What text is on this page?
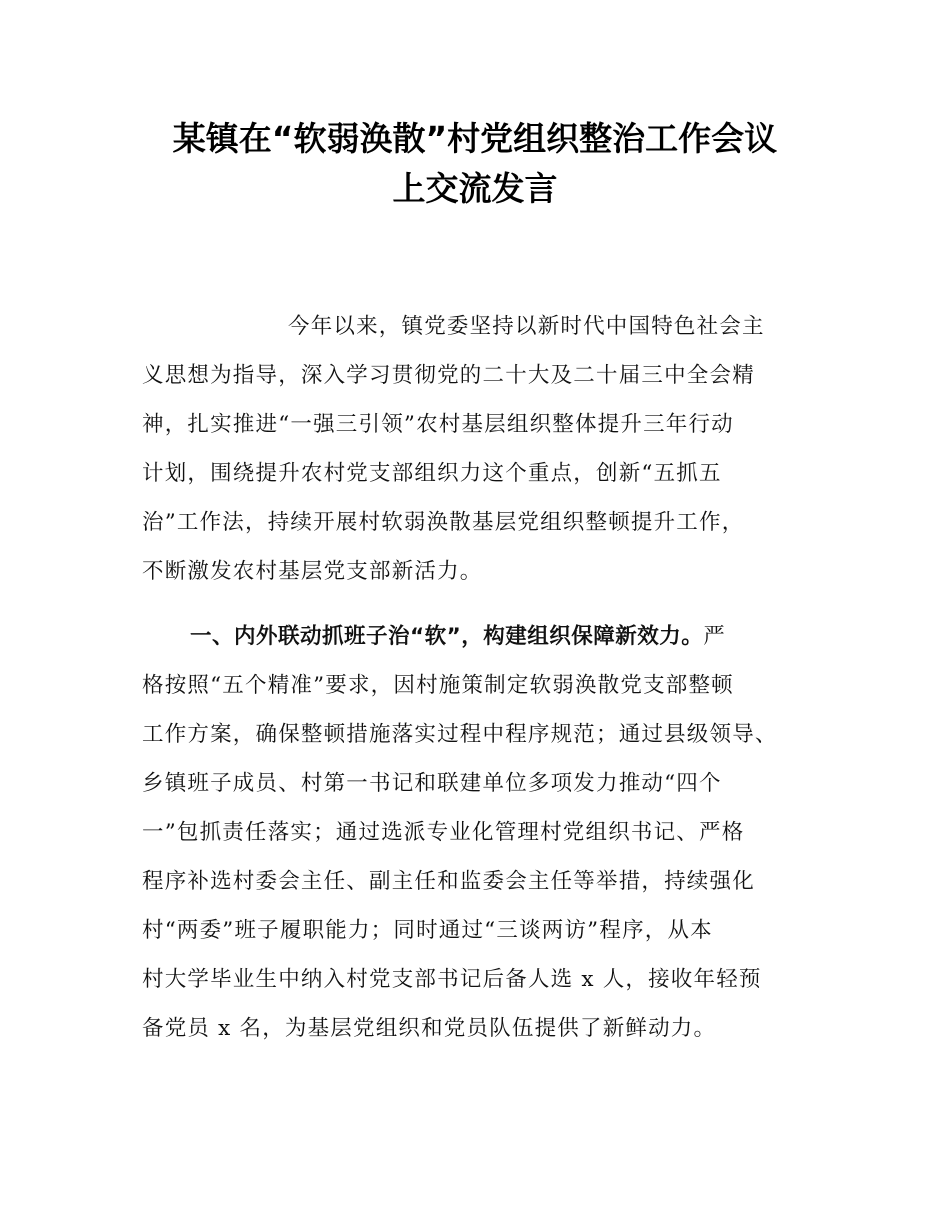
某镇在“软弱涣散”村党组织整治工作会议
上交流发言
今年以来，镇党委坚持以新时代中国特色社会主
义思想为指导，深入学习贯彻党的二十大及二十届三中全会精
神，扎实推进“一强三引领”农村基层组织整体提升三年行动
计划，围绕提升农村党支部组织力这个重点，创新“五抓五
治”工作法，持续开展村软弱涣散基层党组织整顿提升工作，
不断激发农村基层党支部新活力。
一、内外联动抓班子治“软”，构建组织保障新效力。严
格按照“五个精准”要求，因村施策制定软弱涣散党支部整顿
工作方案，确保整顿措施落实过程中程序规范；通过县级领导、
乡镇班子成员、村第一书记和联建单位多项发力推动“四个
一”包抓责任落实；通过选派专业化管理村党组织书记、严格
程序补选村委会主任、副主任和监委会主任等举措，持续强化
村“两委”班子履职能力；同时通过“三谈两访”程序，从本
村大学毕业生中纳入村党支部书记后备人选 x 人，接收年轻预
备党员 x 名，为基层党组织和党员队伍提供了新鲜动力。
